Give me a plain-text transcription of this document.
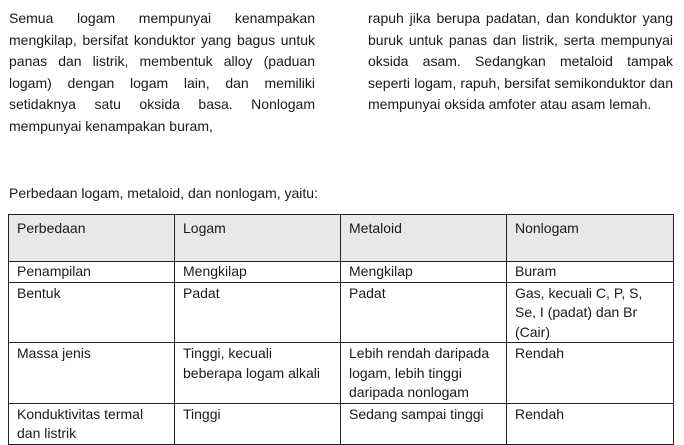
Semua logam mempunyai kenampakan mengkilap, bersifat konduktor yang bagus untuk panas dan listrik, membentuk alloy (paduan logam) dengan logam lain, dan memiliki setidaknya satu oksida basa. Nonlogam mempunyai kenampakan buram,
rapuh jika berupa padatan, dan konduktor yang buruk untuk panas dan listrik, serta mempunyai oksida asam. Sedangkan metaloid tampak seperti logam, rapuh, bersifat semikonduktor dan mempunyai oksida amfoter atau asam lemah.
Perbedaan logam, metaloid, dan nonlogam, yaitu:
Perbedaan	Logam	Metaloid	Nonlogam
Penampilan	Mengkilap	Mengkilap	Buram
Bentuk	Padat	Padat	Gas, kecuali C, P, S, Se, I (padat) dan Br (Cair)
Massa jenis	Tinggi, kecuali beberapa logam alkali	Lebih rendah daripada logam, lebih tinggi daripada nonlogam	Rendah
Konduktivitas termal dan listrik	Tinggi	Sedang sampai tinggi	Rendah
